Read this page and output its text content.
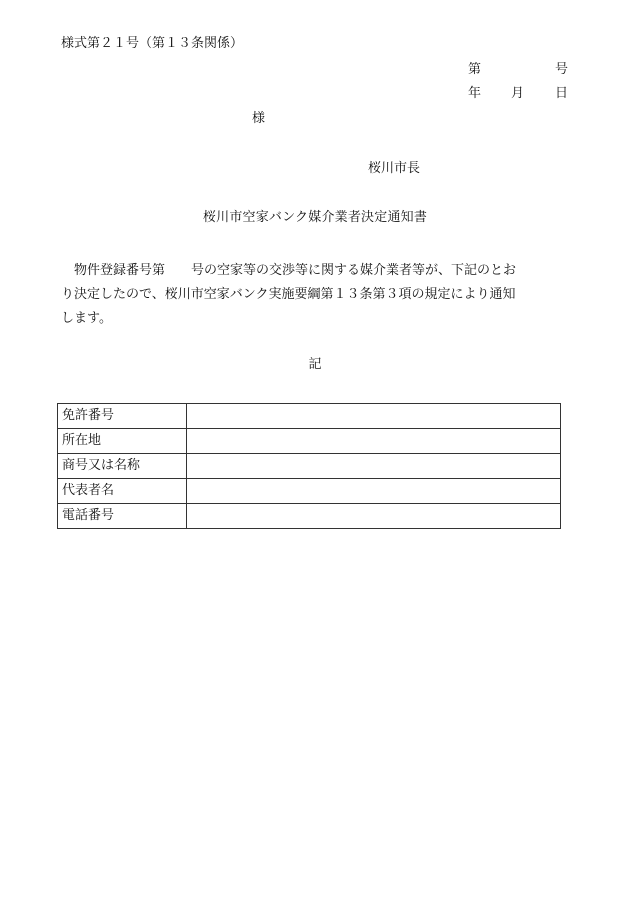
様式第２１号（第１３条関係）
第	号
年 月 日
様
桜川市長
桜川市空家バンク媒介業者決定通知書
　物件登録番号第　　号の空家等の交渉等に関する媒介業者等が、下記のとお
り決定したので、桜川市空家バンク実施要綱第１３条第３項の規定により通知
します。
記
免許番号	
所在地	
商号又は名称	
代表者名	
電話番号	
